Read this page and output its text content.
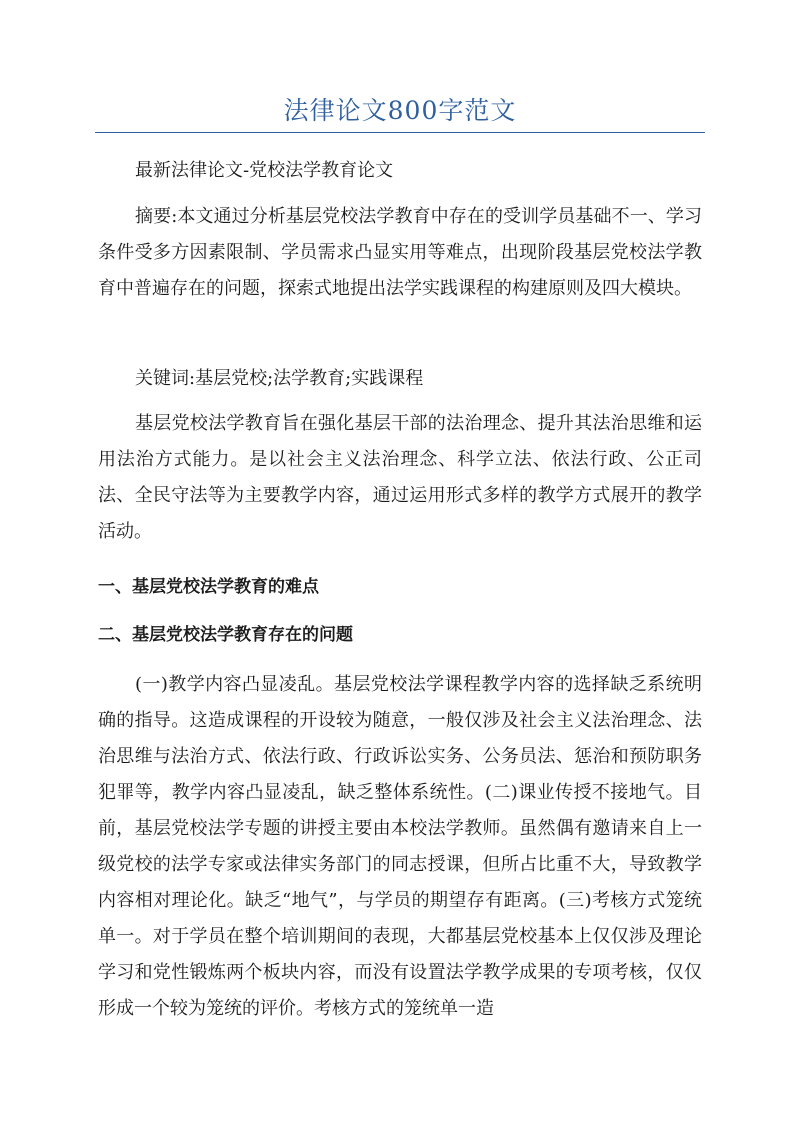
法律论文800字范文

最新法律论文-党校法学教育论文

摘要:本文通过分析基层党校法学教育中存在的受训学员基础不一、学习条件受多方因素限制、学员需求凸显实用等难点，出现阶段基层党校法学教育中普遍存在的问题，探索式地提出法学实践课程的构建原则及四大模块。

关键词:基层党校;法学教育;实践课程

基层党校法学教育旨在强化基层干部的法治理念、提升其法治思维和运用法治方式能力。是以社会主义法治理念、科学立法、依法行政、公正司法、全民守法等为主要教学内容，通过运用形式多样的教学方式展开的教学活动。

一、基层党校法学教育的难点

二、基层党校法学教育存在的问题

(一)教学内容凸显凌乱。基层党校法学课程教学内容的选择缺乏系统明确的指导。这造成课程的开设较为随意，一般仅涉及社会主义法治理念、法治思维与法治方式、依法行政、行政诉讼实务、公务员法、惩治和预防职务犯罪等，教学内容凸显凌乱，缺乏整体系统性。(二)课业传授不接地气。目前，基层党校法学专题的讲授主要由本校法学教师。虽然偶有邀请来自上一级党校的法学专家或法律实务部门的同志授课，但所占比重不大，导致教学内容相对理论化。缺乏“地气”，与学员的期望存有距离。(三)考核方式笼统单一。对于学员在整个培训期间的表现，大都基层党校基本上仅仅涉及理论学习和党性锻炼两个板块内容，而没有设置法学教学成果的专项考核，仅仅形成一个较为笼统的评价。考核方式的笼统单一造
